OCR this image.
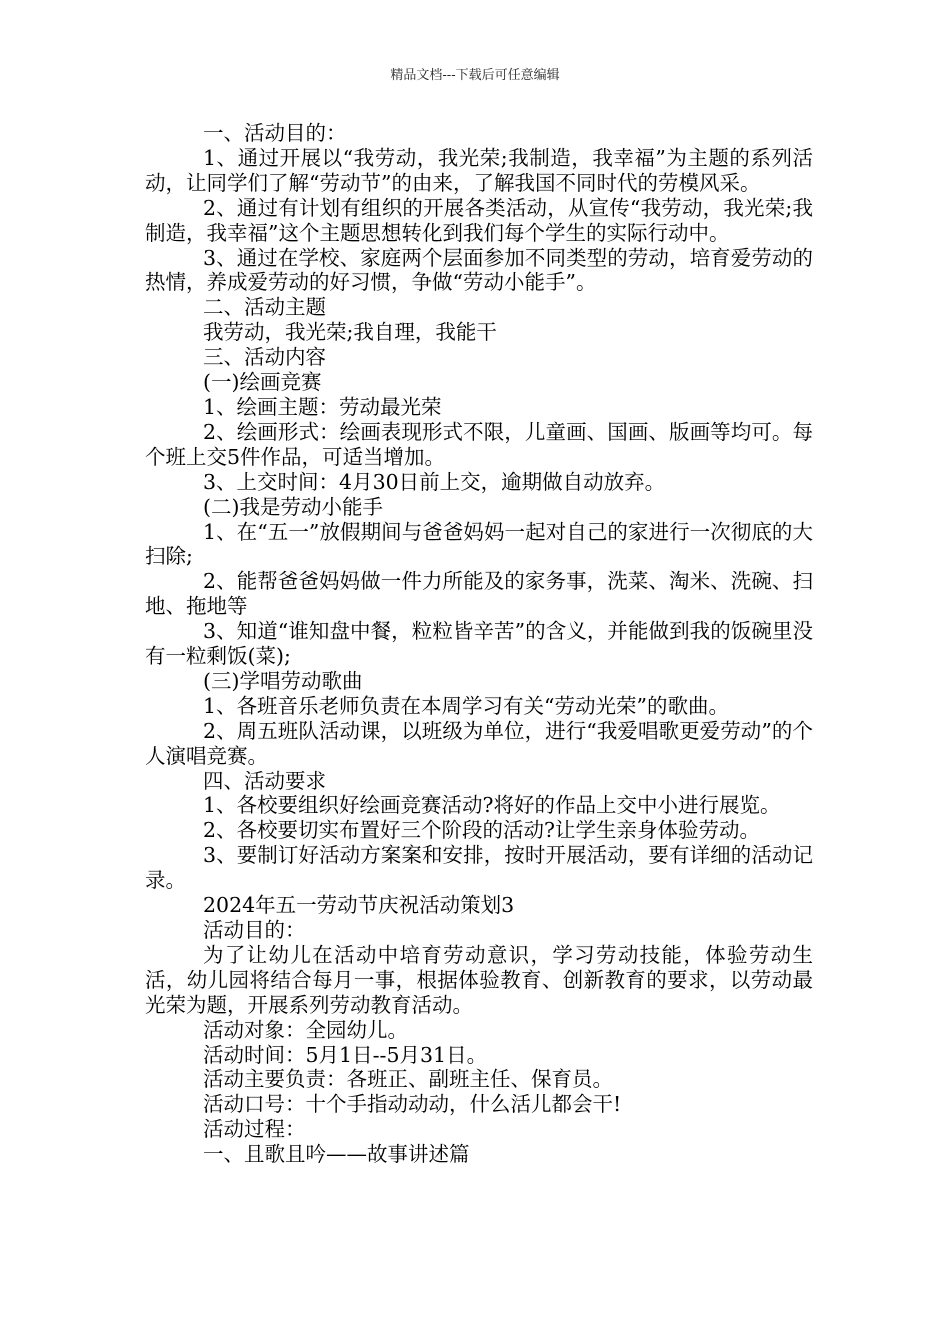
精品文档---下载后可任意编辑

一、活动目的：

1、通过开展以“我劳动，我光荣;我制造，我幸福”为主题的系列活动，让同学们了解“劳动节”的由来，了解我国不同时代的劳模风采。

2、通过有计划有组织的开展各类活动，从宣传“我劳动，我光荣;我制造，我幸福”这个主题思想转化到我们每个学生的实际行动中。

3、通过在学校、家庭两个层面参加不同类型的劳动，培育爱劳动的热情，养成爱劳动的好习惯，争做“劳动小能手”。

二、活动主题

我劳动，我光荣;我自理，我能干

三、活动内容

(一)绘画竞赛

1、绘画主题：劳动最光荣

2、绘画形式：绘画表现形式不限，儿童画、国画、版画等均可。每个班上交5件作品，可适当增加。

3、上交时间：4月30日前上交，逾期做自动放弃。

(二)我是劳动小能手

1、在“五一”放假期间与爸爸妈妈一起对自己的家进行一次彻底的大扫除;

2、能帮爸爸妈妈做一件力所能及的家务事，洗菜、淘米、洗碗、扫地、拖地等

3、知道“谁知盘中餐，粒粒皆辛苦”的含义，并能做到我的饭碗里没有一粒剩饭(菜);

(三)学唱劳动歌曲

1、各班音乐老师负责在本周学习有关“劳动光荣”的歌曲。

2、周五班队活动课，以班级为单位，进行“我爱唱歌更爱劳动”的个人演唱竞赛。

四、活动要求

1、各校要组织好绘画竞赛活动?将好的作品上交中小进行展览。

2、各校要切实布置好三个阶段的活动?让学生亲身体验劳动。

3、要制订好活动方案案和安排，按时开展活动，要有详细的活动记录。

2024年五一劳动节庆祝活动策划3

活动目的：

为了让幼儿在活动中培育劳动意识，学习劳动技能，体验劳动生活，幼儿园将结合每月一事，根据体验教育、创新教育的要求，以劳动最光荣为题，开展系列劳动教育活动。

活动对象：全园幼儿。

活动时间：5月1日--5月31日。

活动主要负责：各班正、副班主任、保育员。

活动口号：十个手指动动动，什么活儿都会干!

活动过程：

一、且歌且吟——故事讲述篇
